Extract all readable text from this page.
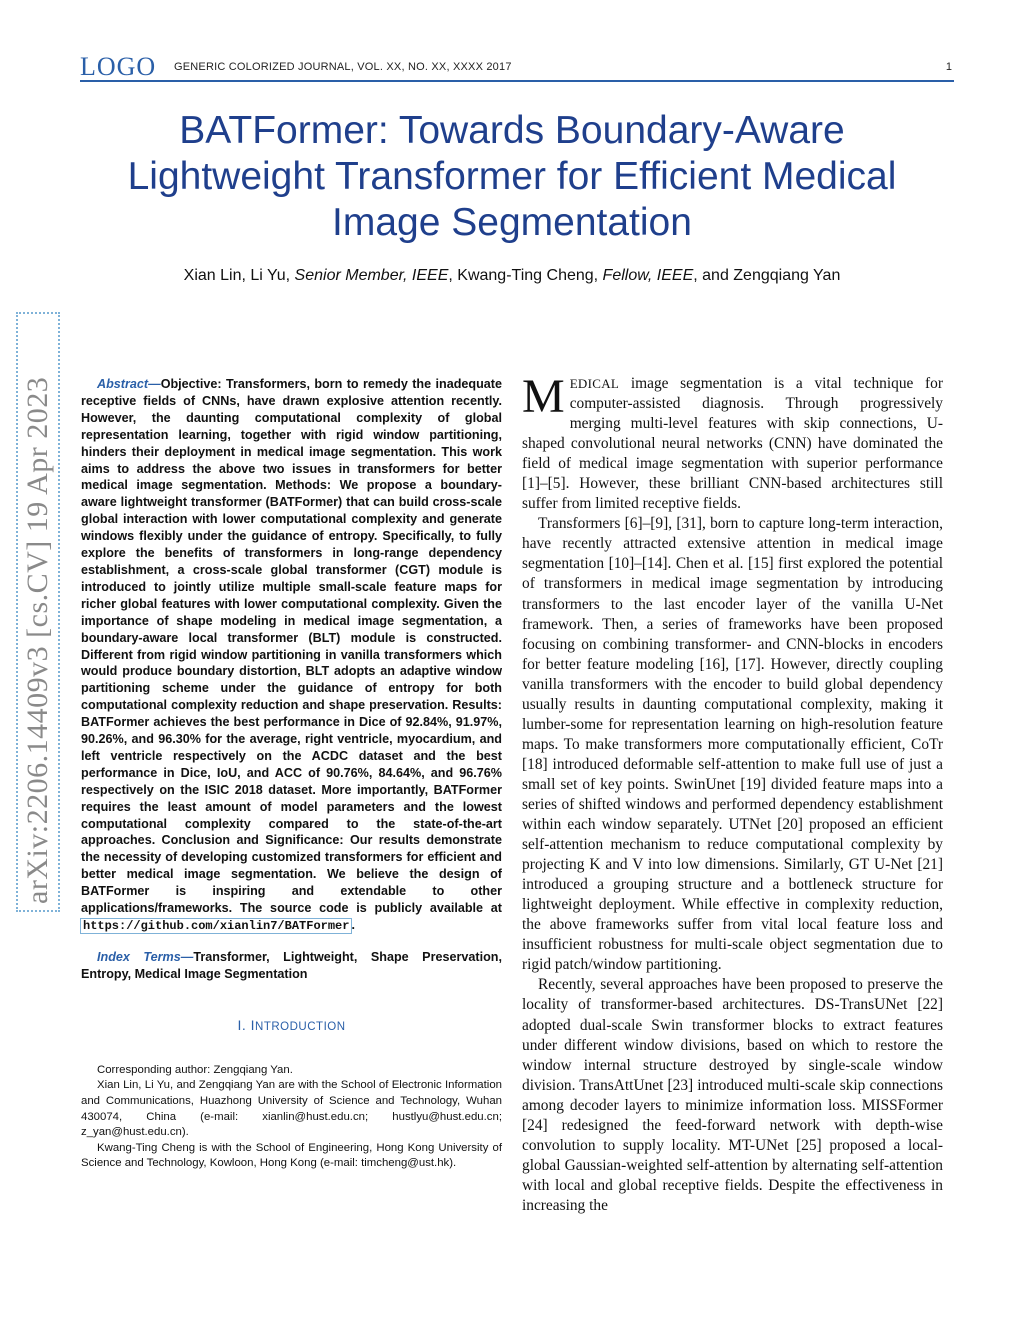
LOGO GENERIC COLORIZED JOURNAL, VOL. XX, NO. XX, XXXX 2017	1
BATFormer: Towards Boundary-Aware
Lightweight Transformer for Efficient Medical
Image Segmentation
Xian Lin, Li Yu, Senior Member, IEEE, Kwang-Ting Cheng, Fellow, IEEE, and Zengqiang Yan
arXiv:2206.14409v3 [cs.CV] 19 Apr 2023	Abstract—Objective: Transformers, born to remedy the inadequate receptive fields of CNNs, have drawn explosive attention recently. However, the daunting computational complexity of global representation learning, together with rigid window partitioning, hinders their deployment in medical image segmentation. This work aims to address the above two issues in transformers for better medical image segmentation. Methods: We propose a boundary-aware lightweight transformer (BATFormer) that can build cross-scale global interaction with lower computational complexity and generate windows flexibly under the guidance of entropy. Specifically, to fully explore the benefits of transformers in long-range dependency establishment, a cross-scale global transformer (CGT) module is introduced to jointly utilize multiple small-scale feature maps for richer global features with lower computational complexity. Given the importance of shape modeling in medical image segmentation, a boundary-aware local transformer (BLT) module is constructed. Different from rigid window partitioning in vanilla transformers which would produce boundary distortion, BLT adopts an adaptive window partitioning scheme under the guidance of entropy for both computational complexity reduction and shape preservation. Results: BATFormer achieves the best performance in Dice of 92.84%, 91.97%, 90.26%, and 96.30% for the average, right ventricle, myocardium, and left ventricle respectively on the ACDC dataset and the best performance in Dice, IoU, and ACC of 90.76%, 84.64%, and 96.76% respectively on the ISIC 2018 dataset. More importantly, BATFormer requires the least amount of model parameters and the lowest computational complexity compared to the state-of-the-art approaches. Conclusion and Significance: Our results demonstrate the necessity of developing customized transformers for efficient and better medical image segmentation. We believe the design of BATFormer is inspiring and extendable to other applications/frameworks. The source code is publicly available at https://github.com/xianlin7/BATFormer .
Index Terms—Transformer, Lightweight, Shape Preservation, Entropy, Medical Image Segmentation
I. INTRODUCTION

Corresponding author: Zengqiang Yan.

Xian Lin, Li Yu, and Zengqiang Yan are with the School of Electronic Information and Communications, Huazhong University of Science and Technology, Wuhan 430074, China (e-mail: xianlin@hust.edu.cn; hustlyu@hust.edu.cn; z_yan@hust.edu.cn).

Kwang-Ting Cheng is with the School of Engineering, Hong Kong University of Science and Technology, Kowloon, Hong Kong (e-mail: timcheng@ust.hk).

MEDICAL image segmentation is a vital technique for computer-assisted diagnosis. Through progressively merging multi-level features with skip connections, U-shaped convolutional neural networks (CNN) have dominated the field of medical image segmentation with superior performance [1]–[5]. However, these brilliant CNN-based architectures still suffer from limited receptive fields.

Transformers [6]–[9], [31], born to capture long-term interaction, have recently attracted extensive attention in medical image segmentation [10]–[14]. Chen et al. [15] first explored the potential of transformers in medical image segmentation by introducing transformers to the last encoder layer of the vanilla U-Net framework. Then, a series of frameworks have been proposed focusing on combining transformer- and CNN-blocks in encoders for better feature modeling [16], [17]. However, directly coupling vanilla transformers with the encoder to build global dependency usually results in daunting computational complexity, making it lumber-some for representation learning on high-resolution feature maps. To make transformers more computationally efficient, CoTr [18] introduced deformable self-attention to make full use of just a small set of key points. SwinUnet [19] divided feature maps into a series of shifted windows and performed dependency establishment within each window separately. UTNet [20] proposed an efficient self-attention mechanism to reduce computational complexity by projecting K and V into low dimensions. Similarly, GT U-Net [21] introduced a grouping structure and a bottleneck structure for lightweight deployment. While effective in complexity reduction, the above frameworks suffer from vital local feature loss and insufficient robustness for multi-scale object segmentation due to rigid patch/window partitioning.

Recently, several approaches have been proposed to preserve the locality of transformer-based architectures. DS-TransUNet [22] adopted dual-scale Swin transformer blocks to extract features under different window divisions, based on which to restore the window internal structure destroyed by single-scale window division. TransAttUnet [23] introduced multi-scale skip connections among decoder layers to minimize information loss. MISSFormer [24] redesigned the feed-forward network with depth-wise convolution to supply locality. MT-UNet [25] proposed a local-global Gaussian-weighted self-attention by alternating self-attention with local and global receptive fields. Despite the effectiveness in increasing the
